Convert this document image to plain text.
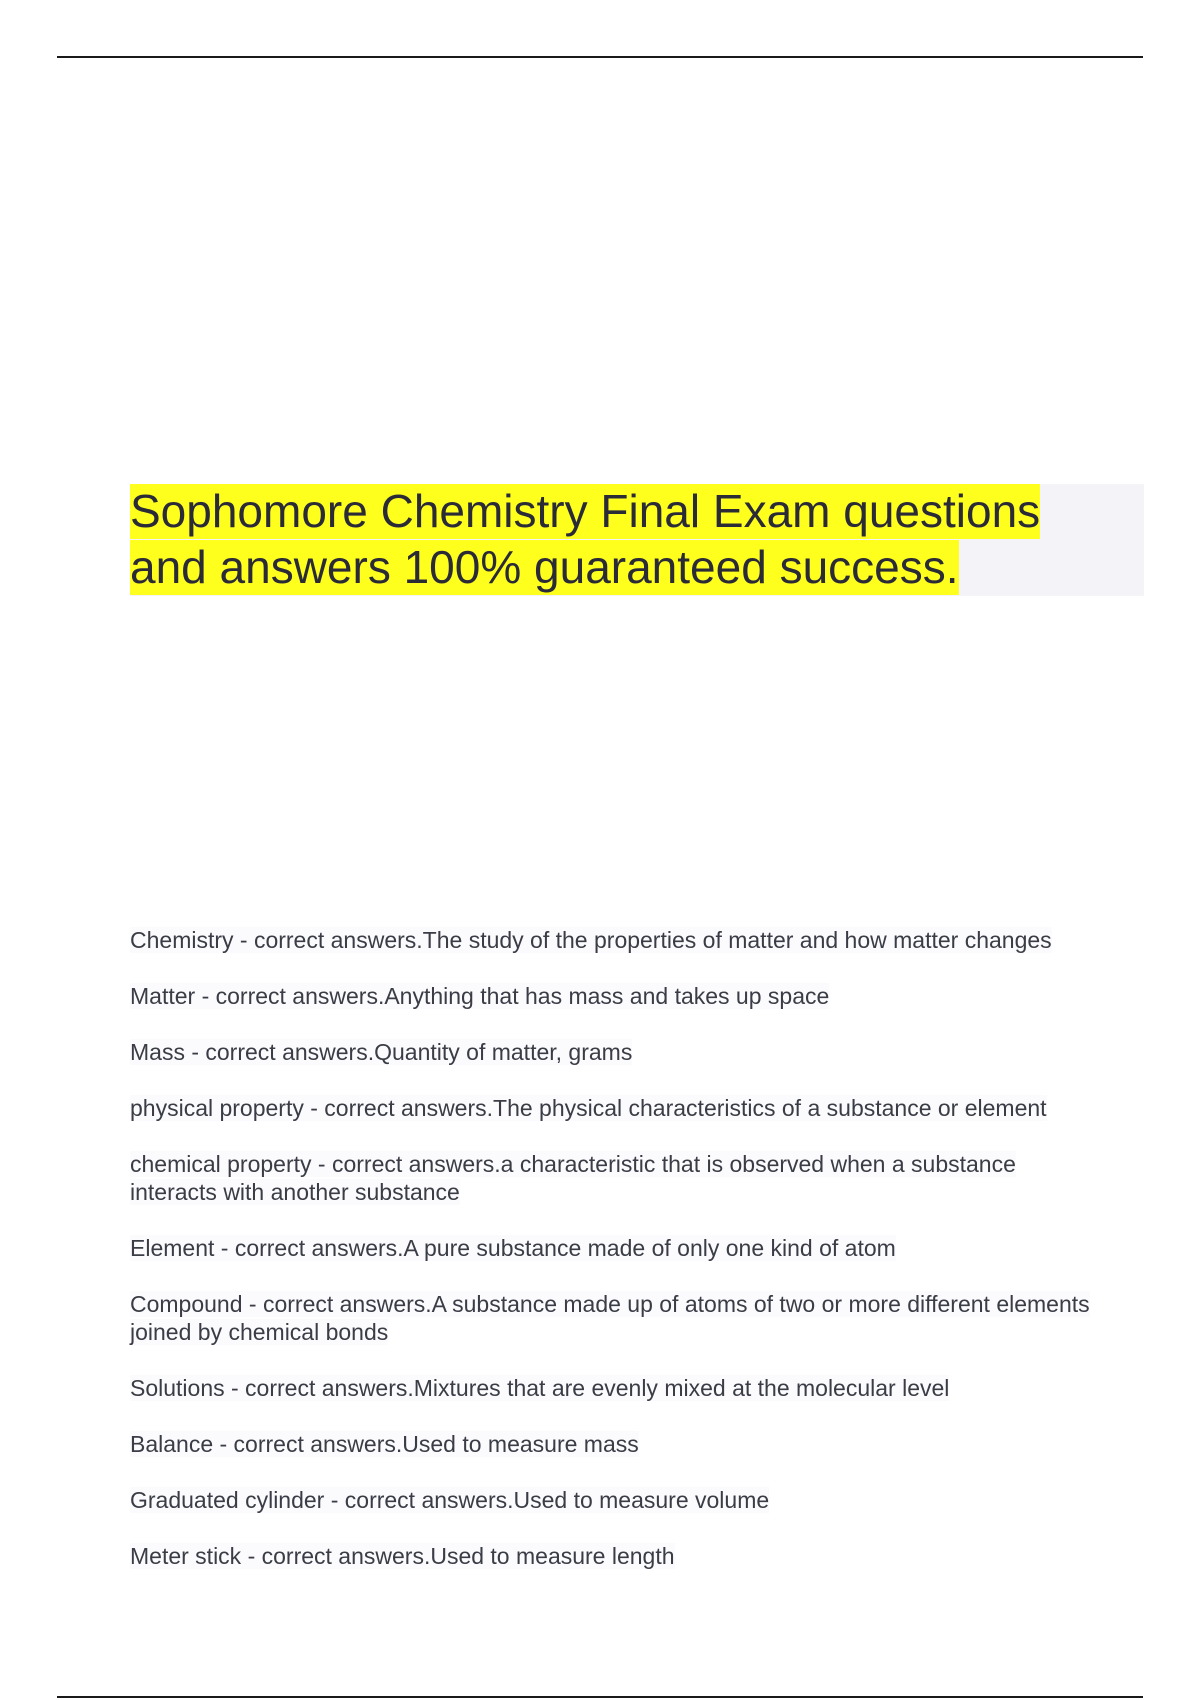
Sophomore Chemistry Final Exam questions
and answers 100% guaranteed success.
Chemistry - correct answers.The study of the properties of matter and how matter changes
Matter - correct answers.Anything that has mass and takes up space
Mass - correct answers.Quantity of matter, grams
physical property - correct answers.The physical characteristics of a substance or element
chemical property - correct answers.a characteristic that is observed when a substance interacts with another substance
Element - correct answers.A pure substance made of only one kind of atom
Compound - correct answers.A substance made up of atoms of two or more different elements joined by chemical bonds
Solutions - correct answers.Mixtures that are evenly mixed at the molecular level
Balance - correct answers.Used to measure mass
Graduated cylinder - correct answers.Used to measure volume
Meter stick - correct answers.Used to measure length
